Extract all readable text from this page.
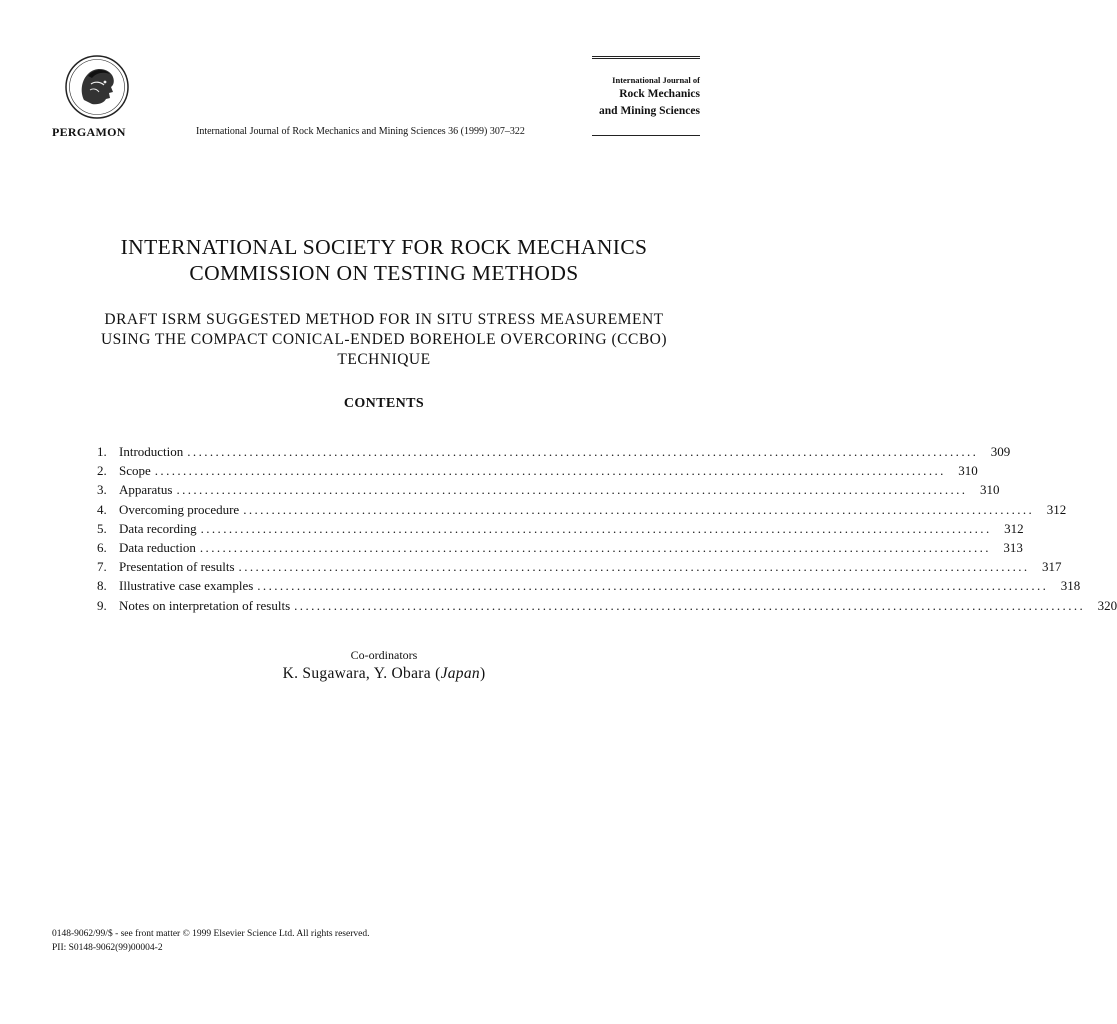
PERGAMON	International Journal of Rock Mechanics and Mining Sciences 36 (1999) 307–322
International Journal of
Rock Mechanics
and Mining Sciences
INTERNATIONAL SOCIETY FOR ROCK MECHANICS
COMMISSION ON TESTING METHODS
DRAFT ISRM SUGGESTED METHOD FOR IN SITU STRESS MEASUREMENT
USING THE COMPACT CONICAL-ENDED BOREHOLE OVERCORING (CCBO)
TECHNIQUE
CONTENTS
1. Introduction ............................................................................................................................................ 309
2. Scope ............................................................................................................................................ 310
3. Apparatus ............................................................................................................................................ 310
4. Overcoming procedure ............................................................................................................................................ 312
5. Data recording ............................................................................................................................................ 312
6. Data reduction ............................................................................................................................................ 313
7. Presentation of results ............................................................................................................................................ 317
8. Illustrative case examples ............................................................................................................................................ 318
9. Notes on interpretation of results ............................................................................................................................................ 320
Co-ordinators
K. Sugawara, Y. Obara (Japan)
0148-9062/99/$ - see front matter © 1999 Elsevier Science Ltd. All rights reserved.
PII: S0148-9062(99)00004-2
